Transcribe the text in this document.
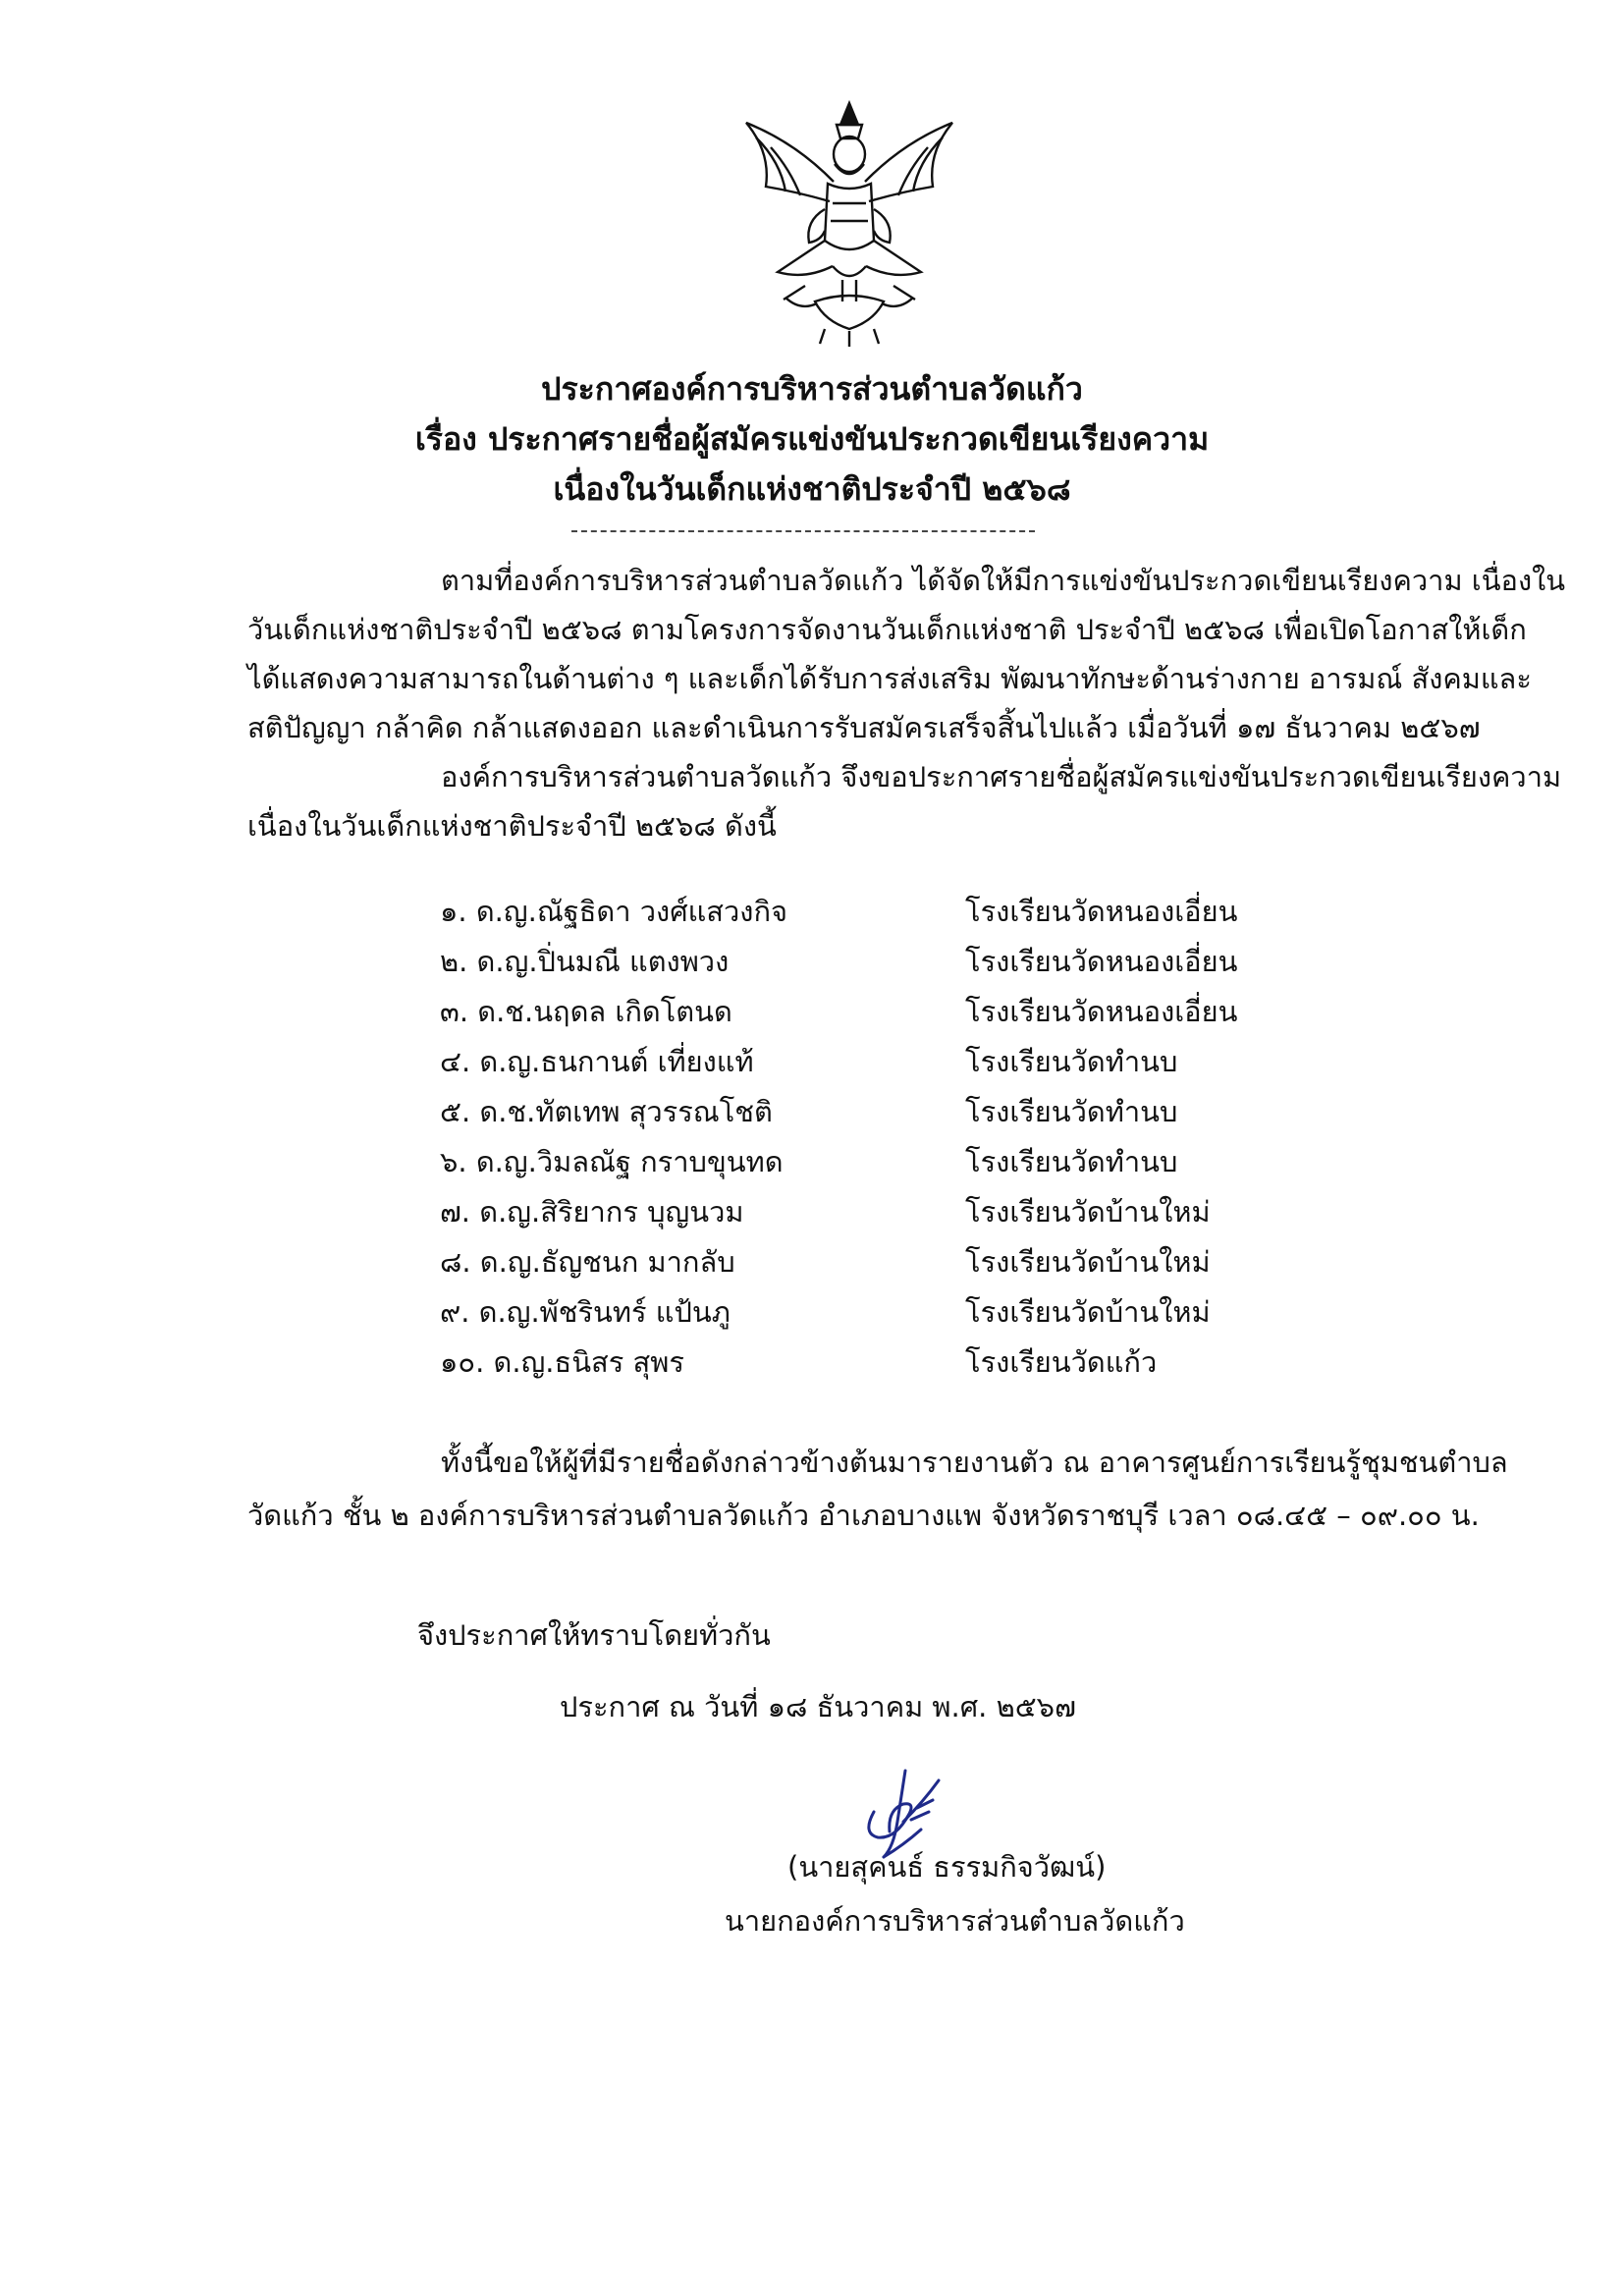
ประกาศองค์การบริหารส่วนตำบลวัดแก้ว

เรื่อง ประกาศรายชื่อผู้สมัครแข่งขันประกวดเขียนเรียงความ

เนื่องในวันเด็กแห่งชาติประจำปี ๒๕๖๘

ตามที่องค์การบริหารส่วนตำบลวัดแก้ว ได้จัดให้มีการแข่งขันประกวดเขียนเรียงความ เนื่องใน

วันเด็กแห่งชาติประจำปี ๒๕๖๘ ตามโครงการจัดงานวันเด็กแห่งชาติ ประจำปี ๒๕๖๘ เพื่อเปิดโอกาสให้เด็ก

ได้แสดงความสามารถในด้านต่าง ๆ และเด็กได้รับการส่งเสริม พัฒนาทักษะด้านร่างกาย อารมณ์ สังคมและ

สติปัญญา กล้าคิด กล้าแสดงออก และดำเนินการรับสมัครเสร็จสิ้นไปแล้ว เมื่อวันที่ ๑๗ ธันวาคม ๒๕๖๗

องค์การบริหารส่วนตำบลวัดแก้ว จึงขอประกาศรายชื่อผู้สมัครแข่งขันประกวดเขียนเรียงความ

เนื่องในวันเด็กแห่งชาติประจำปี ๒๕๖๘ ดังนี้

๑. ด.ญ.ณัฐธิดา วงศ์แสวงกิจ	โรงเรียนวัดหนองเอี่ยน
๒. ด.ญ.ปิ่นมณี แตงพวง	โรงเรียนวัดหนองเอี่ยน
๓. ด.ช.นฤดล เกิดโตนด	โรงเรียนวัดหนองเอี่ยน
๔. ด.ญ.ธนกานต์ เที่ยงแท้	โรงเรียนวัดทำนบ
๕. ด.ช.ทัตเทพ สุวรรณโชติ	โรงเรียนวัดทำนบ
๖. ด.ญ.วิมลณัฐ กราบขุนทด	โรงเรียนวัดทำนบ
๗. ด.ญ.สิริยากร บุญนวม	โรงเรียนวัดบ้านใหม่
๘. ด.ญ.ธัญชนก มากลับ	โรงเรียนวัดบ้านใหม่
๙. ด.ญ.พัชรินทร์ แป้นภู	โรงเรียนวัดบ้านใหม่
๑๐. ด.ญ.ธนิสร สุพร	โรงเรียนวัดแก้ว

ทั้งนี้ขอให้ผู้ที่มีรายชื่อดังกล่าวข้างต้นมารายงานตัว ณ อาคารศูนย์การเรียนรู้ชุมชนตำบล

วัดแก้ว ชั้น ๒ องค์การบริหารส่วนตำบลวัดแก้ว อำเภอบางแพ จังหวัดราชบุรี เวลา ๐๘.๔๕ – ๐๙.๐๐ น.

จึงประกาศให้ทราบโดยทั่วกัน

ประกาศ ณ วันที่ ๑๘ ธันวาคม พ.ศ. ๒๕๖๗

(นายสุคนธ์ ธรรมกิจวัฒน์)

นายกองค์การบริหารส่วนตำบลวัดแก้ว
